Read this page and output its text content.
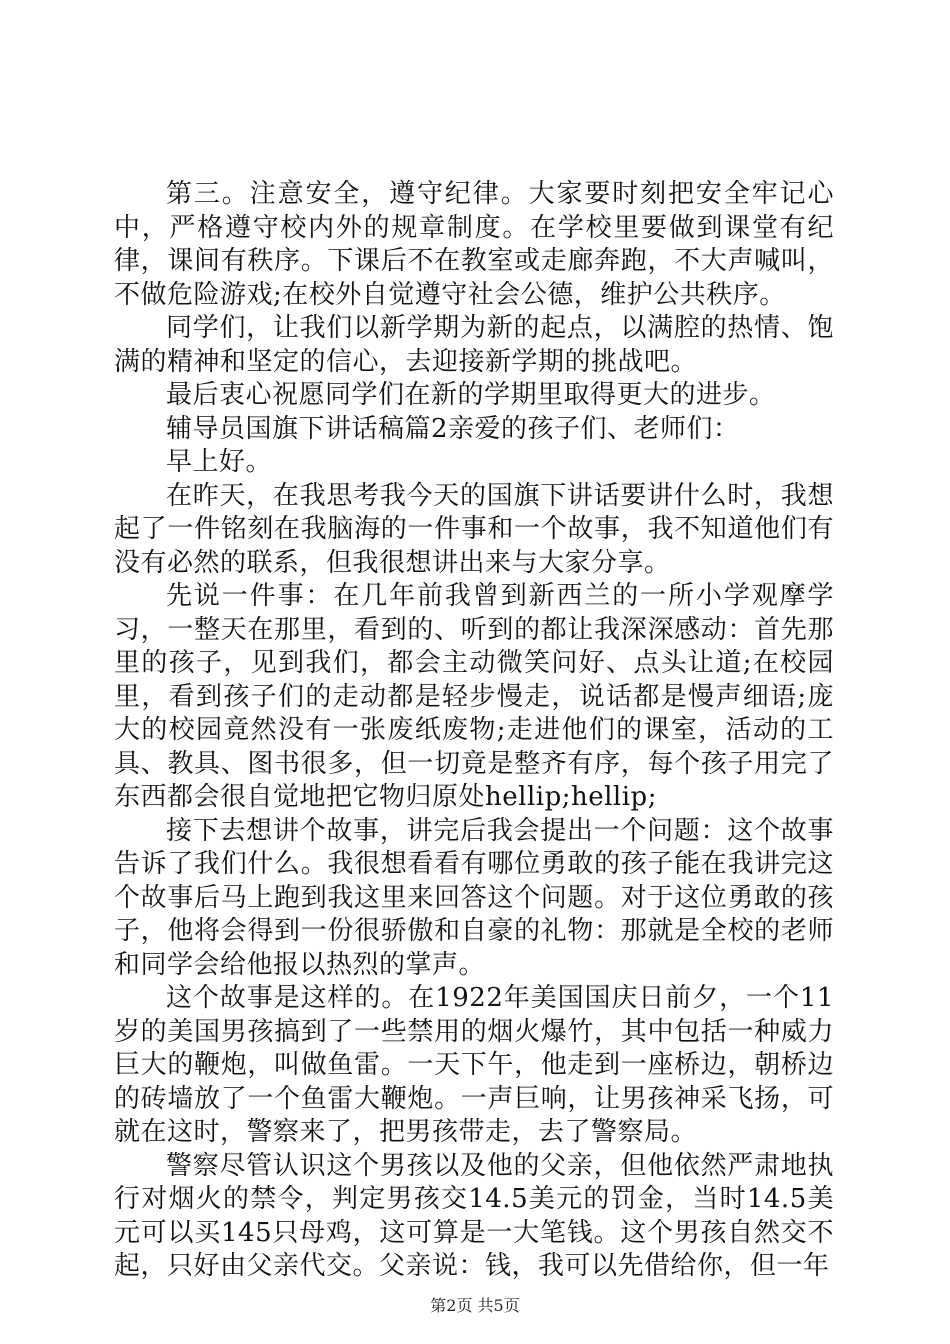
第三。注意安全，遵守纪律。大家要时刻把安全牢记心中，严格遵守校内外的规章制度。在学校里要做到课堂有纪律，课间有秩序。下课后不在教室或走廊奔跑，不大声喊叫，不做危险游戏;在校外自觉遵守社会公德，维护公共秩序。

同学们，让我们以新学期为新的起点，以满腔的热情、饱满的精神和坚定的信心，去迎接新学期的挑战吧。

最后衷心祝愿同学们在新的学期里取得更大的进步。

辅导员国旗下讲话稿篇2亲爱的孩子们、老师们：

早上好。

在昨天，在我思考我今天的国旗下讲话要讲什么时，我想起了一件铭刻在我脑海的一件事和一个故事，我不知道他们有没有必然的联系，但我很想讲出来与大家分享。

先说一件事：在几年前我曾到新西兰的一所小学观摩学习，一整天在那里，看到的、听到的都让我深深感动：首先那里的孩子，见到我们，都会主动微笑问好、点头让道;在校园里，看到孩子们的走动都是轻步慢走，说话都是慢声细语;庞大的校园竟然没有一张废纸废物;走进他们的课室，活动的工具、教具、图书很多，但一切竟是整齐有序，每个孩子用完了东西都会很自觉地把它物归原处hellip;hellip;

接下去想讲个故事，讲完后我会提出一个问题：这个故事告诉了我们什么。我很想看看有哪位勇敢的孩子能在我讲完这个故事后马上跑到我这里来回答这个问题。对于这位勇敢的孩子，他将会得到一份很骄傲和自豪的礼物：那就是全校的老师和同学会给他报以热烈的掌声。

这个故事是这样的。在1922年美国国庆日前夕，一个11岁的美国男孩搞到了一些禁用的烟火爆竹，其中包括一种威力巨大的鞭炮，叫做鱼雷。一天下午，他走到一座桥边，朝桥边的砖墙放了一个鱼雷大鞭炮。一声巨响，让男孩神采飞扬，可就在这时，警察来了，把男孩带走，去了警察局。

警察尽管认识这个男孩以及他的父亲，但他依然严肃地执行对烟火的禁令，判定男孩交14.5美元的罚金，当时14.5美元可以买145只母鸡，这可算是一大笔钱。这个男孩自然交不起，只好由父亲代交。父亲说：钱，我可以先借给你，但一年

第2页 共5页
